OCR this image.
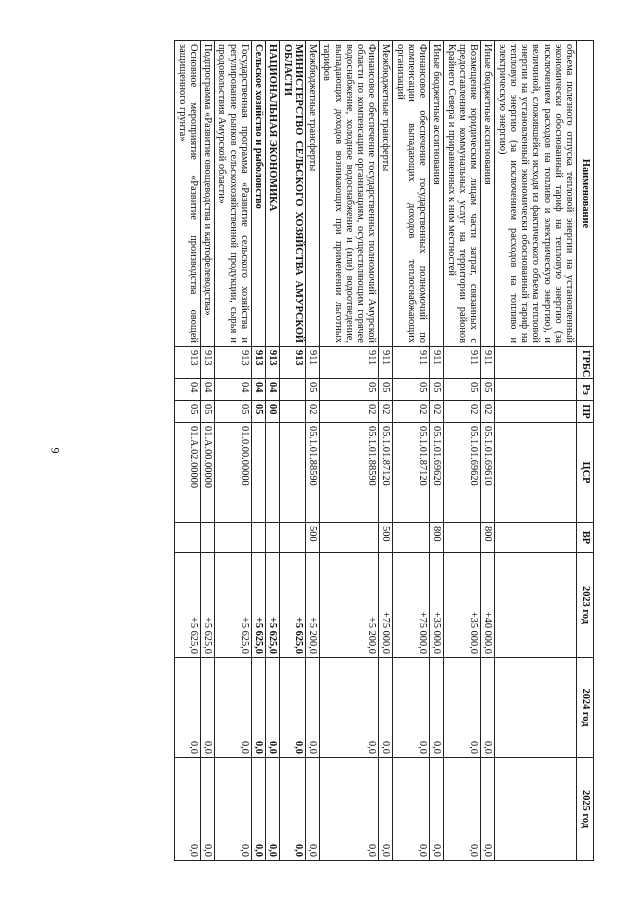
9
Наименование	ГРБС	Рз	ПР	ЦСР	ВР	2023 год	2024 год	2025 год
объема полезного отпуска тепловой энергии на установленный экономически обоснованный тариф на тепловую энергию (за исключением расходов на топливо и электрическую энергию), и величиной, сложившейся исходя из фактического объема тепловой энергии на установленный экономически обоснованный тариф на тепловую энергию (за исключением расходов на топливо и электрическую энергию)								
Иные бюджетные ассигнования	911	05	02	05.1.01.69610	800	+40 000,0	0,0	0,0
Возмещение юридическим лицам части затрат, связанных с предоставлением коммунальных услуг на территории районов Крайнего Севера и приравненных к ним местностей	911	05	02	05.1.01.69620		+35 000,0	0,0	0,0
Иные бюджетные ассигнования	911	05	02	05.1.01.69620	800	+35 000,0	0,0	0,0
Финансовое обеспечение государственных полномочий по компенсации выпадающих доходов теплоснабжающих организаций	911	05	02	05.1.01.87120		+75 000,0	0,0	0,0
Межбюджетные трансферты	911	05	02	05.1.01.87120	500	+75 000,0	0,0	0,0
Финансовое обеспечение государственных полномочий Амурской области по компенсации организациям, осуществляющим горячее водоснабжение, холодное водоснабжение и (или) водоотведение, выпадающих доходов возникающих при применении льготных тарифов	911	05	02	05.1.01.88590		+5 200,0	0,0	0,0
Межбюджетные трансферты	911	05	02	05.1.01.88590	500	+5 200,0	0,0	0,0
МИНИСТЕРСТВО СЕЛЬСКОГО ХОЗЯЙСТВА АМУРСКОЙ ОБЛАСТИ	913					+5 625,0	0,0	0,0
НАЦИОНАЛЬНАЯ ЭКОНОМИКА	913	04	00			+5 625,0	0,0	0,0
Сельское хозяйство и рыболовство	913	04	05			+5 625,0	0,0	0,0
Государственная программа «Развитие сельского хозяйства и регулирование рынков сельскохозяйственной продукции, сырья и продовольствия Амурской области»	913	04	05	01.0.00.00000		+5 625,0	0,0	0,0
Подпрограмма «Развитие овощеводства и картофелеводства»	913	04	05	01.А.00.00000		+5 625,0	0,0	0,0
Основное мероприятие «Развитие производства овощей защищенного грунта»	913	04	05	01.А.02.00000		+5 625,0	0,0	0,0
